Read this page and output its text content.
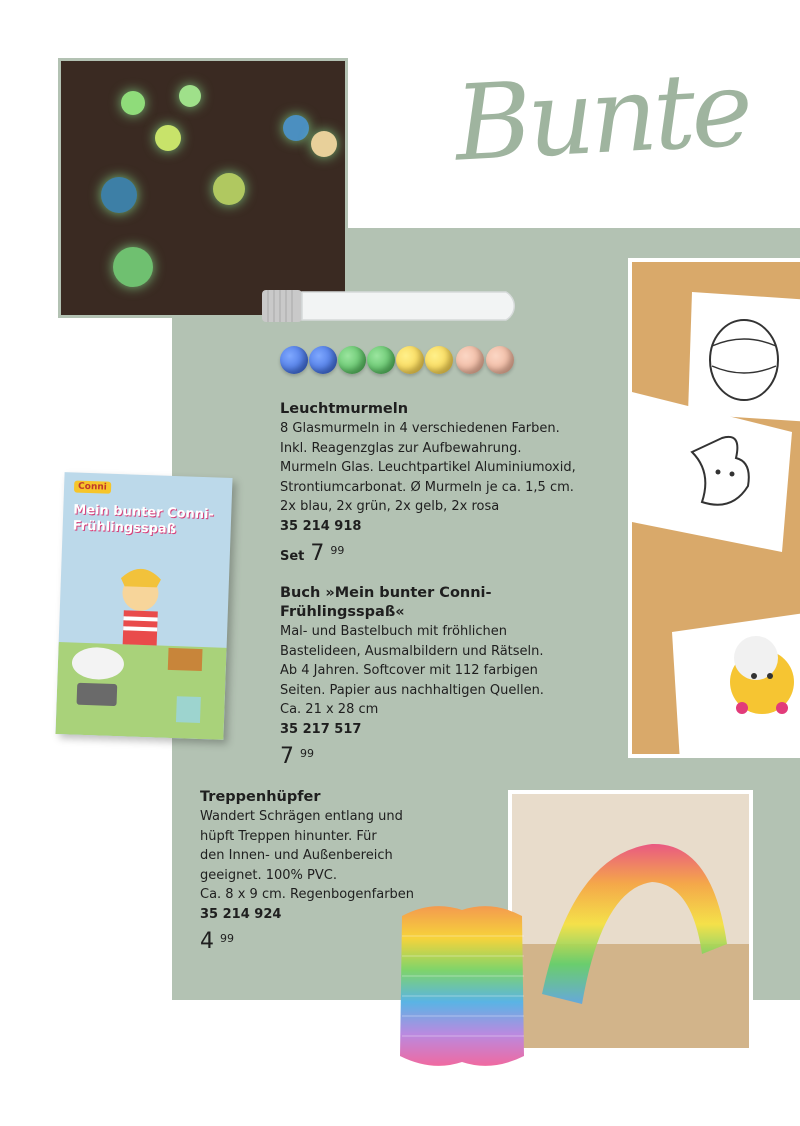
Bunte
Conni
Mein bunter Conni-Frühlingsspaß
Leuchtmurmeln

8 Glasmurmeln in 4 verschiedenen Farben.

Inkl. Reagenzglas zur Aufbewahrung.

Murmeln Glas. Leuchtpartikel Aluminiumoxid,

Strontiumcarbonat. Ø Murmeln je ca. 1,5 cm.

2x blau, 2x grün, 2x gelb, 2x rosa

35 214 918

Set 7 99
Buch »Mein bunter Conni-
Frühlingsspaß«

Mal- und Bastelbuch mit fröhlichen

Bastelideen, Ausmalbildern und Rätseln.

Ab 4 Jahren. Softcover mit 112 farbigen

Seiten. Papier aus nachhaltigen Quellen.

Ca. 21 x 28 cm

35 217 517

7 99
Treppenhüpfer

Wandert Schrägen entlang und

hüpft Treppen hinunter. Für

den Innen- und Außenbereich

geeignet. 100% PVC.

Ca. 8 x 9 cm. Regenbogenfarben

35 214 924

4 99
